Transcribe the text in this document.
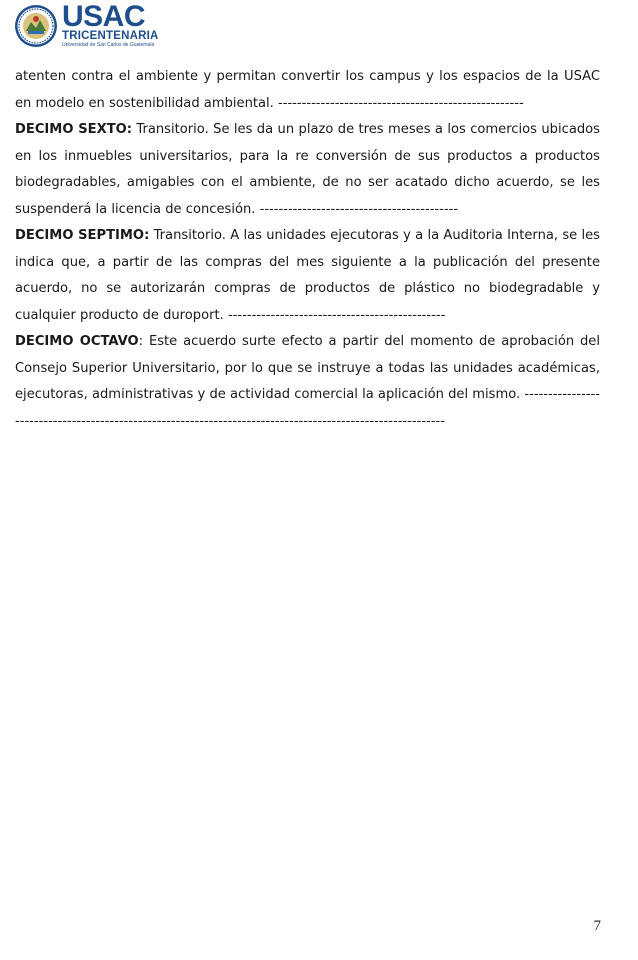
USAC
TRICENTENARIA
Universidad de San Carlos de Guatemala

atenten contra el ambiente y permitan convertir los campus y los espacios de la USAC en modelo en sostenibilidad ambiental. ----------------------------------------------------

DECIMO SEXTO: Transitorio. Se les da un plazo de tres meses a los comercios ubicados en los inmuebles universitarios, para la re conversión de sus productos a productos biodegradables, amigables con el ambiente, de no ser acatado dicho acuerdo, se les suspenderá la licencia de concesión. ------------------------------------------

DECIMO SEPTIMO: Transitorio. A las unidades ejecutoras y a la Auditoria Interna, se les indica que, a partir de las compras del mes siguiente a la publicación del presente acuerdo, no se autorizarán compras de productos de plástico no biodegradable y cualquier producto de duroport. ----------------------------------------------

DECIMO OCTAVO: Este acuerdo surte efecto a partir del momento de aprobación del Consejo Superior Universitario, por lo que se instruye a todas las unidades académicas, ejecutoras, administrativas y de actividad comercial la aplicación del mismo. -----------------------------------------------------------------------------------------------------------

7
